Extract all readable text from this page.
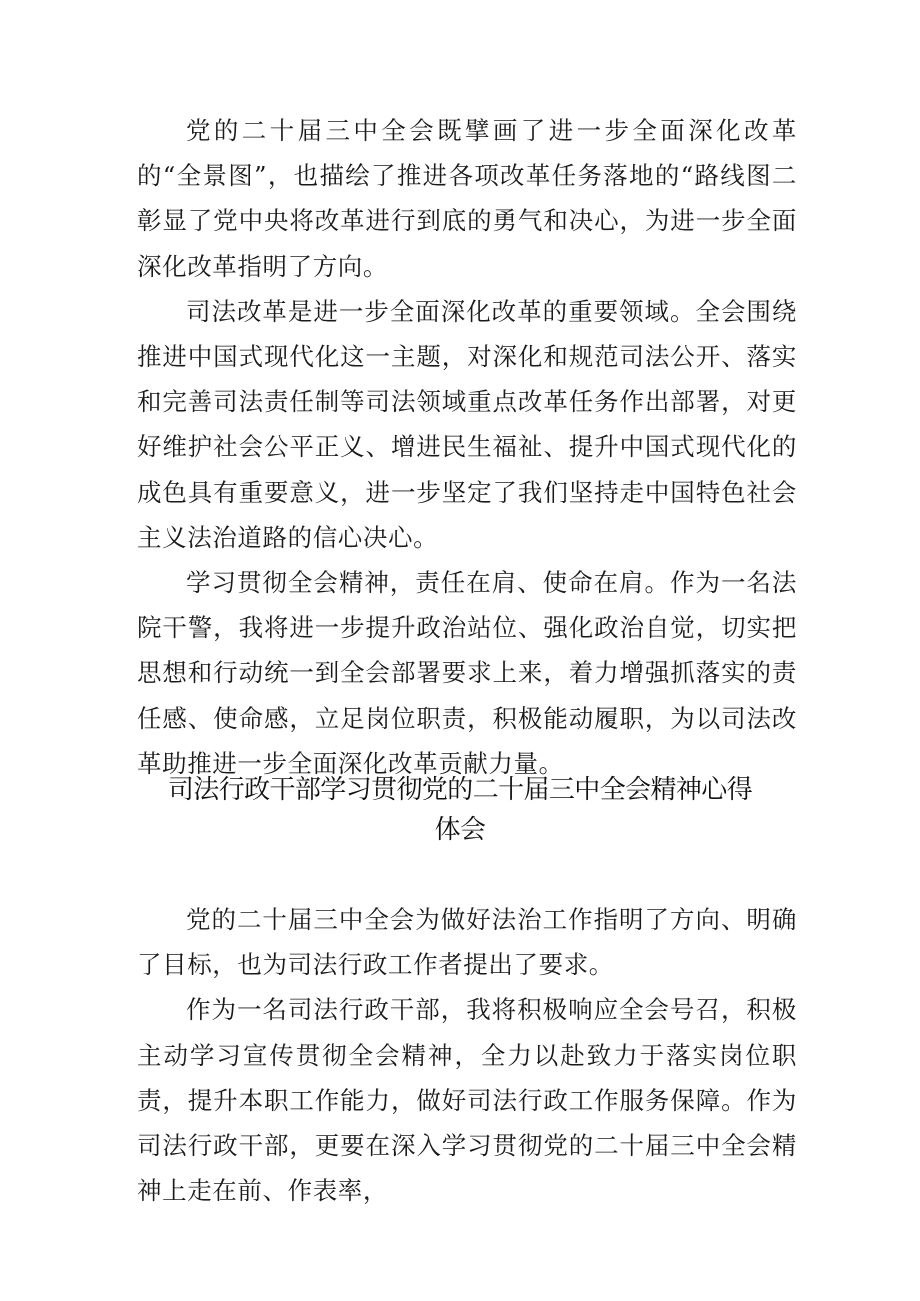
党的二十届三中全会既擘画了进一步全面深化改革的“全景图”，也描绘了推进各项改革任务落地的“路线图二彰显了党中央将改革进行到底的勇气和决心，为进一步全面深化改革指明了方向。

司法改革是进一步全面深化改革的重要领域。全会围绕推进中国式现代化这一主题，对深化和规范司法公开、落实和完善司法责任制等司法领域重点改革任务作出部署，对更好维护社会公平正义、增进民生福祉、提升中国式现代化的成色具有重要意义，进一步坚定了我们坚持走中国特色社会主义法治道路的信心决心。

学习贯彻全会精神，责任在肩、使命在肩。作为一名法院干警，我将进一步提升政治站位、强化政治自觉，切实把思想和行动统一到全会部署要求上来，着力增强抓落实的责任感、使命感，立足岗位职责，积极能动履职，为以司法改革助推进一步全面深化改革贡献力量。

司法行政干部学习贯彻党的二十届三中全会精神心得
体会

党的二十届三中全会为做好法治工作指明了方向、明确了目标，也为司法行政工作者提出了要求。

作为一名司法行政干部，我将积极响应全会号召，积极主动学习宣传贯彻全会精神，全力以赴致力于落实岗位职责，提升本职工作能力，做好司法行政工作服务保障。作为司法行政干部，更要在深入学习贯彻党的二十届三中全会精神上走在前、作表率，
